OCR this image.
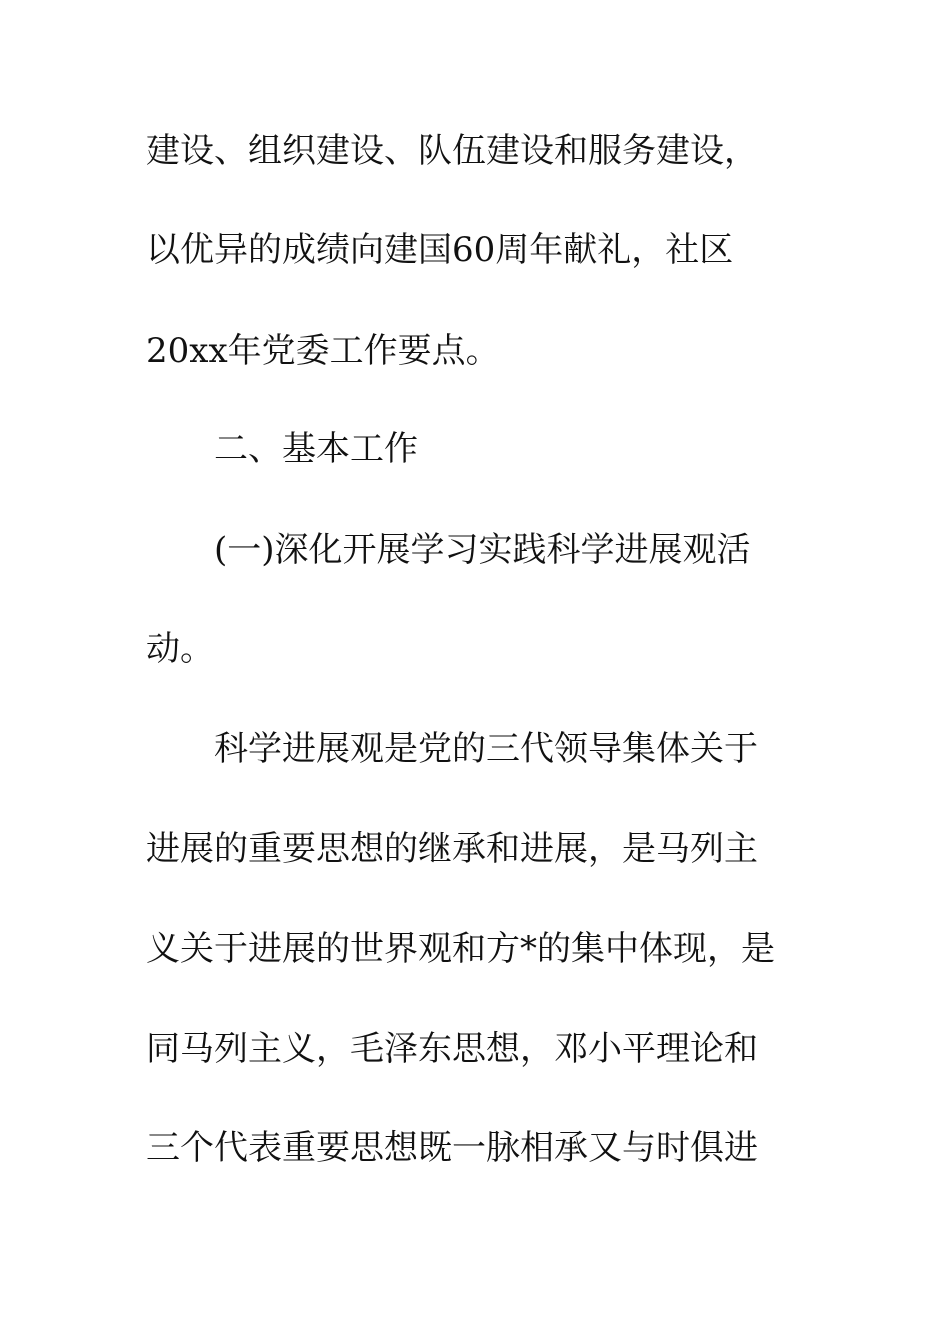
建设、组织建设、队伍建设和服务建设，
以优异的成绩向建国60周年献礼，社区
20xx年党委工作要点。
二、基本工作
(一)深化开展学习实践科学进展观活
动。
科学进展观是党的三代领导集体关于
进展的重要思想的继承和进展，是马列主
义关于进展的世界观和方*的集中体现，是
同马列主义，毛泽东思想，邓小平理论和
三个代表重要思想既一脉相承又与时俱进
